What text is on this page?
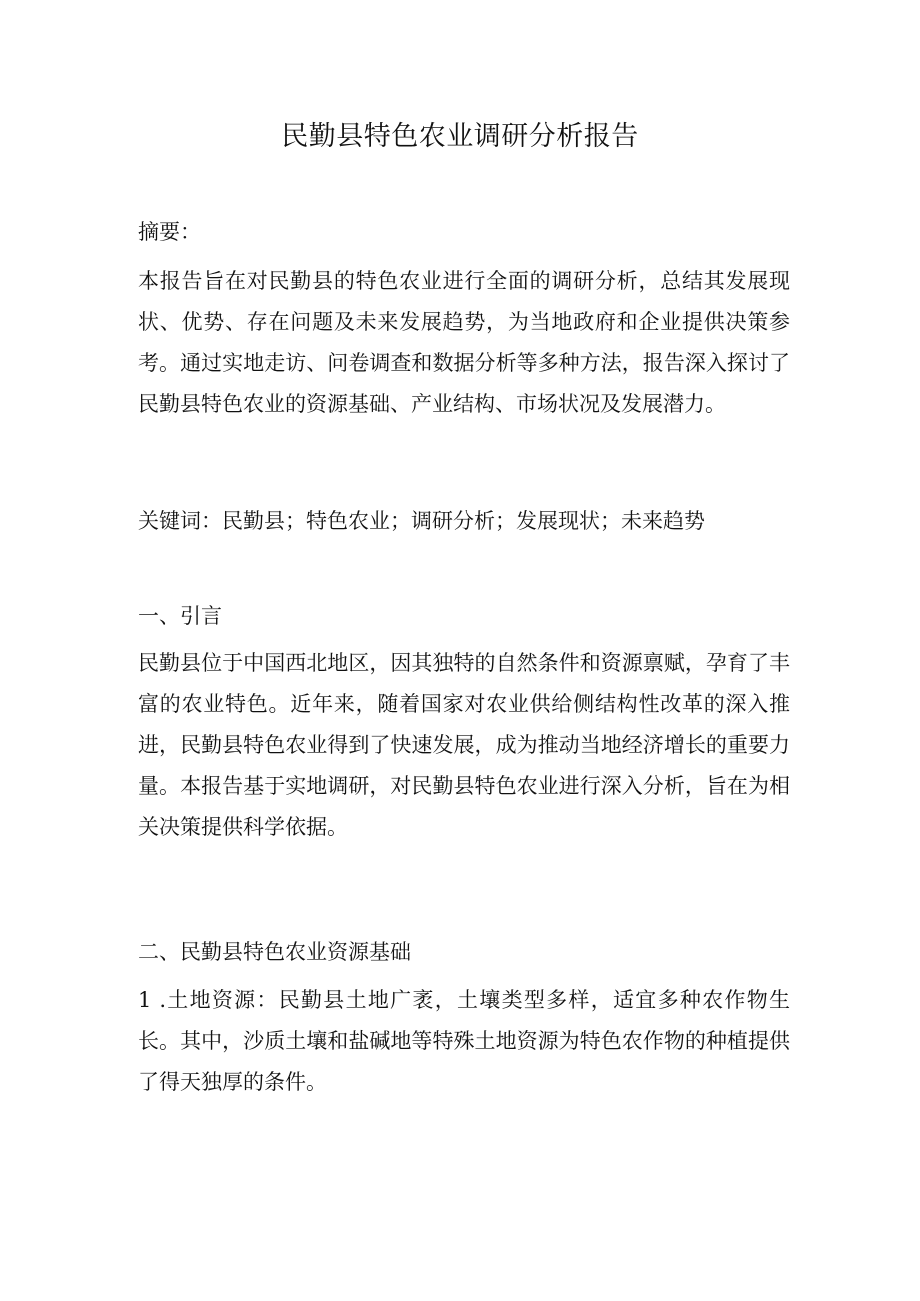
民勤县特色农业调研分析报告
摘要：
本报告旨在对民勤县的特色农业进行全面的调研分析，总结其发展现状、优势、存在问题及未来发展趋势，为当地政府和企业提供决策参考。通过实地走访、问卷调查和数据分析等多种方法，报告深入探讨了民勤县特色农业的资源基础、产业结构、市场状况及发展潜力。
关键词：民勤县；特色农业；调研分析；发展现状；未来趋势
一、引言
民勤县位于中国西北地区，因其独特的自然条件和资源禀赋，孕育了丰富的农业特色。近年来，随着国家对农业供给侧结构性改革的深入推进，民勤县特色农业得到了快速发展，成为推动当地经济增长的重要力量。本报告基于实地调研，对民勤县特色农业进行深入分析，旨在为相关决策提供科学依据。
二、民勤县特色农业资源基础
1 .土地资源：民勤县土地广袤，土壤类型多样，适宜多种农作物生长。其中，沙质土壤和盐碱地等特殊土地资源为特色农作物的种植提供了得天独厚的条件。
